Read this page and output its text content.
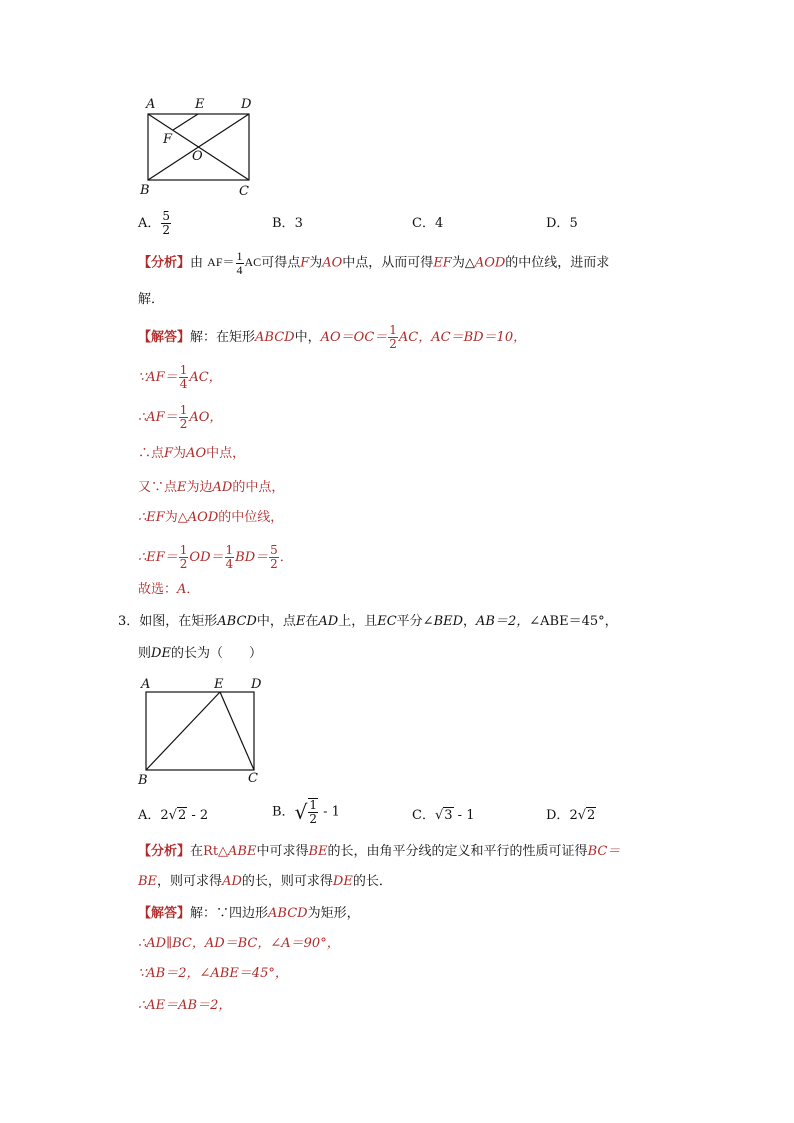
A	E	D
F
O
B	C
A． $\frac{5}{2}$	B．3	C．4	D．5
【分析】由 $AF= \frac{1}{4}$ AC可得点F为AO中点，从而可得EF为△AOD的中位线，进而求
解．
【解答】解：在矩形ABCD中，$AO=OC= \frac{1}{2}$ AC，AC＝BD＝10，
∵AF＝ $\frac{1}{4}$ AC，
∴AF＝ $\frac{1}{2}$ AO，
∴点F为AO中点，
又∵点E为边AD的中点，
∴EF为△AOD的中位线，
∴EF＝ $\frac{1}{2} OD= \frac{1}{4} BD= \frac{5}{2}$ ．
故选：A．
3．如图，在矩形ABCD中，点E在AD上，且EC平分∠BED，AB＝2，∠ABE＝45°，
则DE的长为（　　）
A	E D
B	C
A．2√2 - 2	B．√ $\frac{1}{2} - 1$	C．√3 - 1	D．2√2
【分析】在Rt△ABE中可求得BE的长，由角平分线的定义和平行的性质可证得BC＝
BE，则可求得AD的长，则可求得DE的长．
【解答】解：∵四边形ABCD为矩形，
∴AD∥BC，AD＝BC，∠A＝90°，
∵AB＝2，∠ABE＝45°，
∴AE＝AB＝2，
